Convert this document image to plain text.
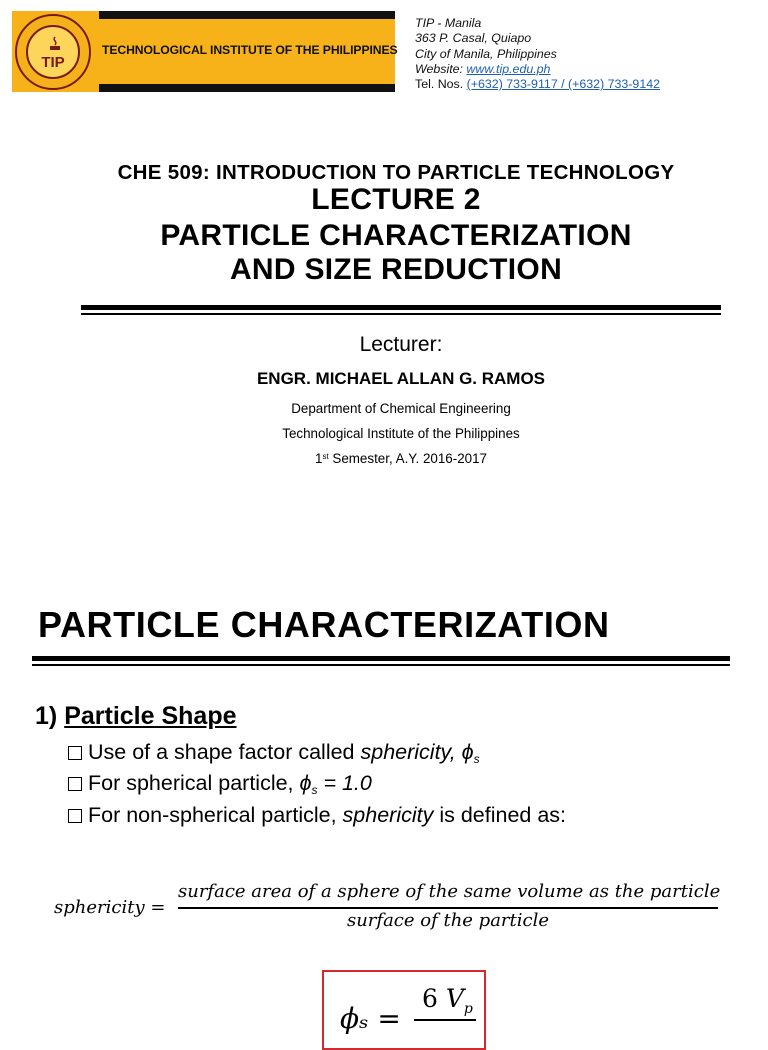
TIP
TECHNOLOGICAL INSTITUTE OF THE PHILIPPINES
TIP - Manila
363 P. Casal, Quiapo
City of Manila, Philippines
Website: www.tip.edu.ph
Tel. Nos. (+632) 733-9117 / (+632) 733-9142
CHE 509: INTRODUCTION TO PARTICLE TECHNOLOGY
LECTURE 2
PARTICLE CHARACTERIZATION
AND SIZE REDUCTION
Lecturer:
ENGR. MICHAEL ALLAN G. RAMOS
Department of Chemical Engineering
Technological Institute of the Philippines
1st Semester, A.Y. 2016-2017
PARTICLE CHARACTERIZATION
1) Particle Shape
Use of a shape factor called sphericity, $\phi_s$
For spherical particle, $\phi_s = 1.0$
For non-spherical particle, sphericity is defined as:
sphericity =
surface area of a sphere of the same volume as the particle
surface of the particle
ϕₛ =
6 $V_p$
